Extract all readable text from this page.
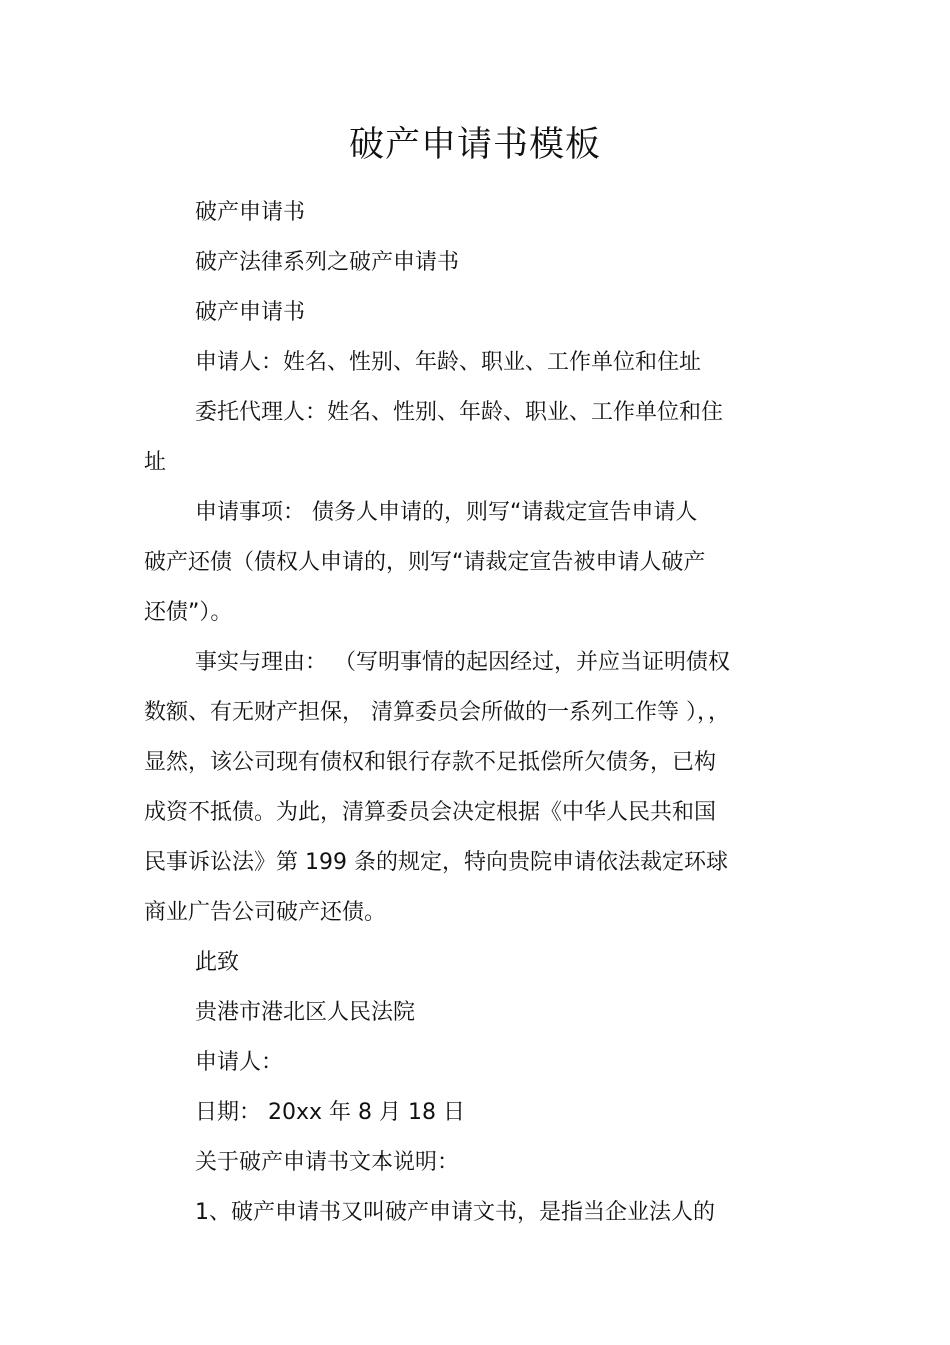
破产申请书模板

破产申请书

破产法律系列之破产申请书

破产申请书

申请人：姓名、性别、年龄、职业、工作单位和住址

委托代理人：姓名、性别、年龄、职业、工作单位和住

址

申请事项： 债务人申请的，则写“请裁定宣告申请人

破产还债（债权人申请的，则写“请裁定宣告被申请人破产

还债”）。

事实与理由： （写明事情的起因经过，并应当证明债权

数额、有无财产担保， 清算委员会所做的一系列工作等 ），，

显然，该公司现有债权和银行存款不足抵偿所欠债务，已构

成资不抵债。为此，清算委员会决定根据《中华人民共和国

民事诉讼法》第 199 条的规定，特向贵院申请依法裁定环球

商业广告公司破产还债。

此致

贵港市港北区人民法院

申请人：

日期： 20xx 年 8 月 18 日

关于破产申请书文本说明：

1、破产申请书又叫破产申请文书，是指当企业法人的
